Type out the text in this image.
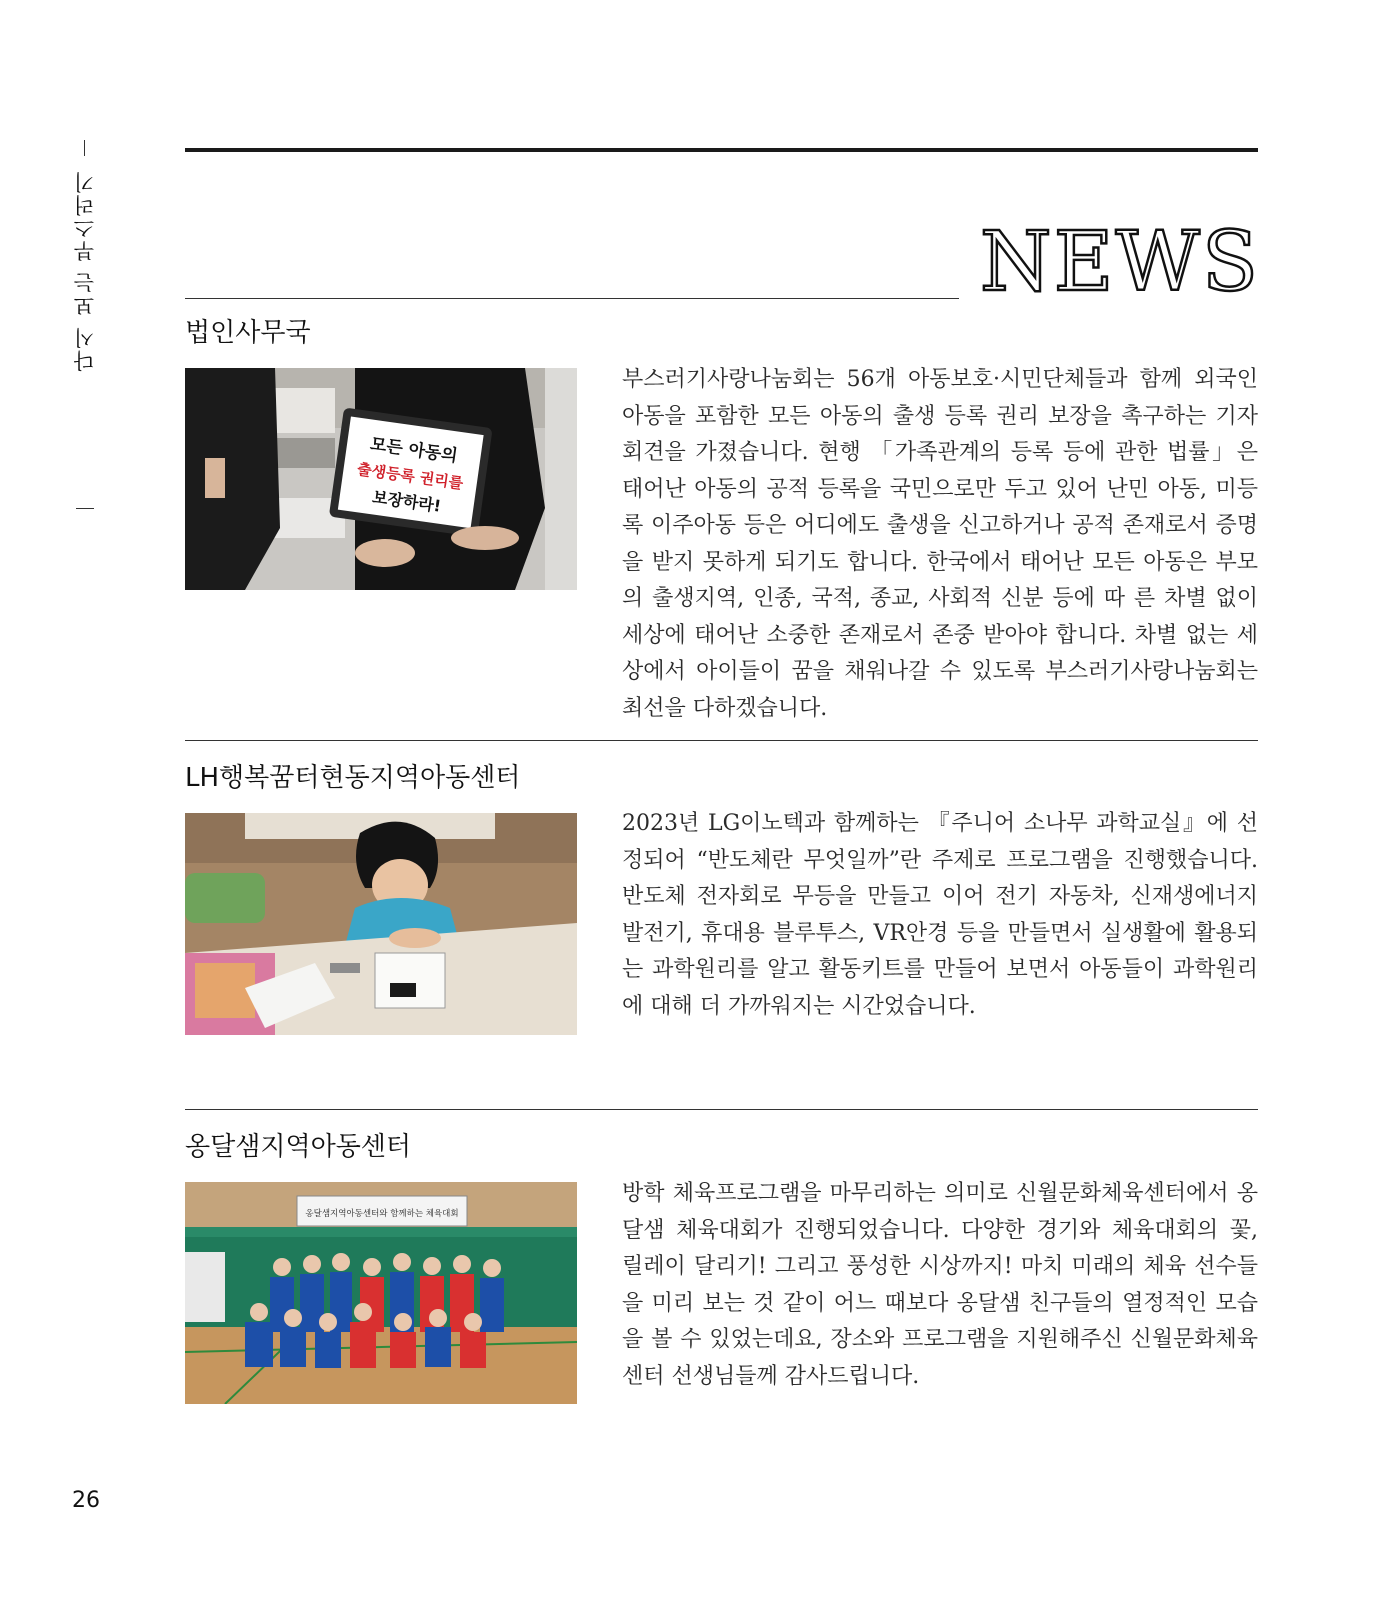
다시 보는 부스러기
26
NEWS
법인사무국
모든 아동의
출생등록 권리를
보장하라!

부스러기사랑나눔회는 56개 아동보호·시민단체들과 함께 외국인 아동을 포함한 모든 아동의 출생 등록 권리 보장을 촉구하는 기자회견을 가졌습니다. 현행 「가족관계의 등록 등에 관한 법률」은 태어난 아동의 공적 등록을 국민으로만 두고 있어 난민 아동, 미등록 이주아동 등은 어디에도 출생을 신고하거나 공적 존재로서 증명을 받지 못하게 되기도 합니다. 한국에서 태어난 모든 아동은 부모의 출생지역, 인종, 국적, 종교, 사회적 신분 등에 따 른 차별 없이 세상에 태어난 소중한 존재로서 존중 받아야 합니다. 차별 없는 세상에서 아이들이 꿈을 채워나갈 수 있도록 부스러기사랑나눔회는 최선을 다하겠습니다.

LH행복꿈터현동지역아동센터

2023년 LG이노텍과 함께하는 『주니어 소나무 과학교실』에 선정되어 “반도체란 무엇일까”란 주제로 프로그램을 진행했습니다. 반도체 전자회로 무등을 만들고 이어 전기 자동차, 신재생에너지 발전기, 휴대용 블루투스, VR안경 등을 만들면서 실생활에 활용되는 과학원리를 알고 활동키트를 만들어 보면서 아동들이 과학원리에 대해 더 가까워지는 시간었습니다.

옹달샘지역아동센터
옹달샘지역아동센터와 함께하는 체육대회

방학 체육프로그램을 마무리하는 의미로 신월문화체육센터에서 옹달샘 체육대회가 진행되었습니다. 다양한 경기와 체육대회의 꽃, 릴레이 달리기! 그리고 풍성한 시상까지! 마치 미래의 체육 선수들을 미리 보는 것 같이 어느 때보다 옹달샘 친구들의 열정적인 모습을 볼 수 있었는데요, 장소와 프로그램을 지원해주신 신월문화체육센터 선생님들께 감사드립니다.
